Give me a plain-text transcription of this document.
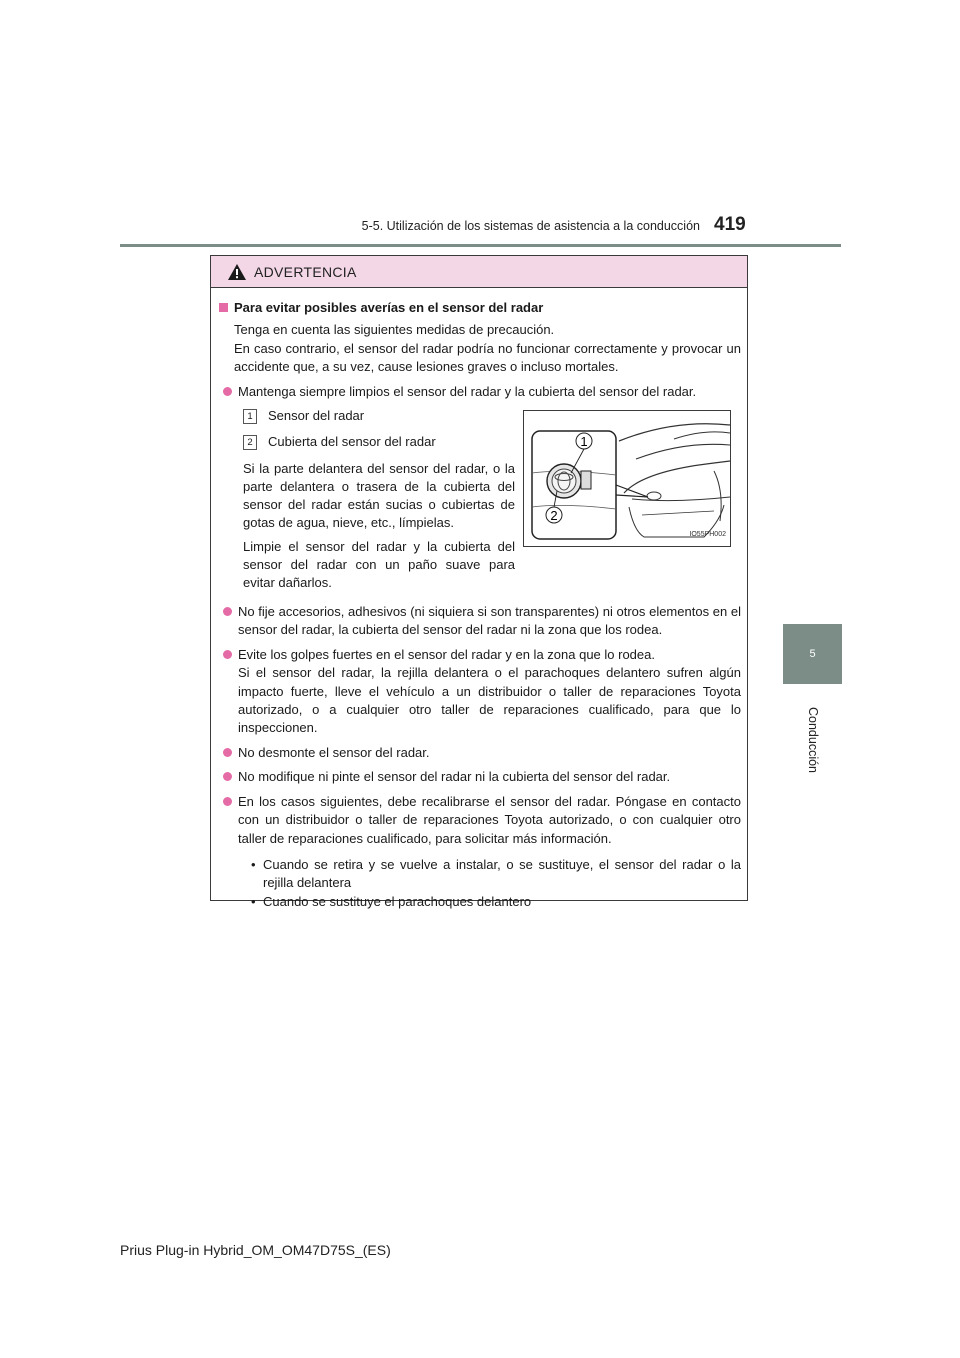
5-5. Utilización de los sistemas de asistencia a la conducción 419
5
Conducción
ADVERTENCIA
Para evitar posibles averías en el sensor del radar
Tenga en cuenta las siguientes medidas de precaución.
En caso contrario, el sensor del radar podría no funcionar correctamente y provocar un accidente que, a su vez, cause lesiones graves o incluso mortales.
Mantenga siempre limpios el sensor del radar y la cubierta del sensor del radar.
1	Sensor del radar
2	Cubierta del sensor del radar
Si la parte delantera del sensor del radar, o la parte delantera o trasera de la cubierta del sensor del radar están sucias o cubiertas de gotas de agua, nieve, etc., límpielas.
Limpie el sensor del radar y la cubierta del sensor del radar con un paño suave para evitar dañarlos.
1
2
IO55PH002
No fije accesorios, adhesivos (ni siquiera si son transparentes) ni otros elementos en el sensor del radar, la cubierta del sensor del radar ni la zona que los rodea.
Evite los golpes fuertes en el sensor del radar y en la zona que lo rodea.
Si el sensor del radar, la rejilla delantera o el parachoques delantero sufren algún impacto fuerte, lleve el vehículo a un distribuidor o taller de reparaciones Toyota autorizado, o a cualquier otro taller de reparaciones cualificado, para que lo inspeccionen.
No desmonte el sensor del radar.
No modifique ni pinte el sensor del radar ni la cubierta del sensor del radar.
En los casos siguientes, debe recalibrarse el sensor del radar. Póngase en contacto con un distribuidor o taller de reparaciones Toyota autorizado, o con cualquier otro taller de reparaciones cualificado, para solicitar más información.
• Cuando se retira y se vuelve a instalar, o se sustituye, el sensor del radar o la rejilla delantera
• Cuando se sustituye el parachoques delantero
Prius Plug-in Hybrid_OM_OM47D75S_(ES)
